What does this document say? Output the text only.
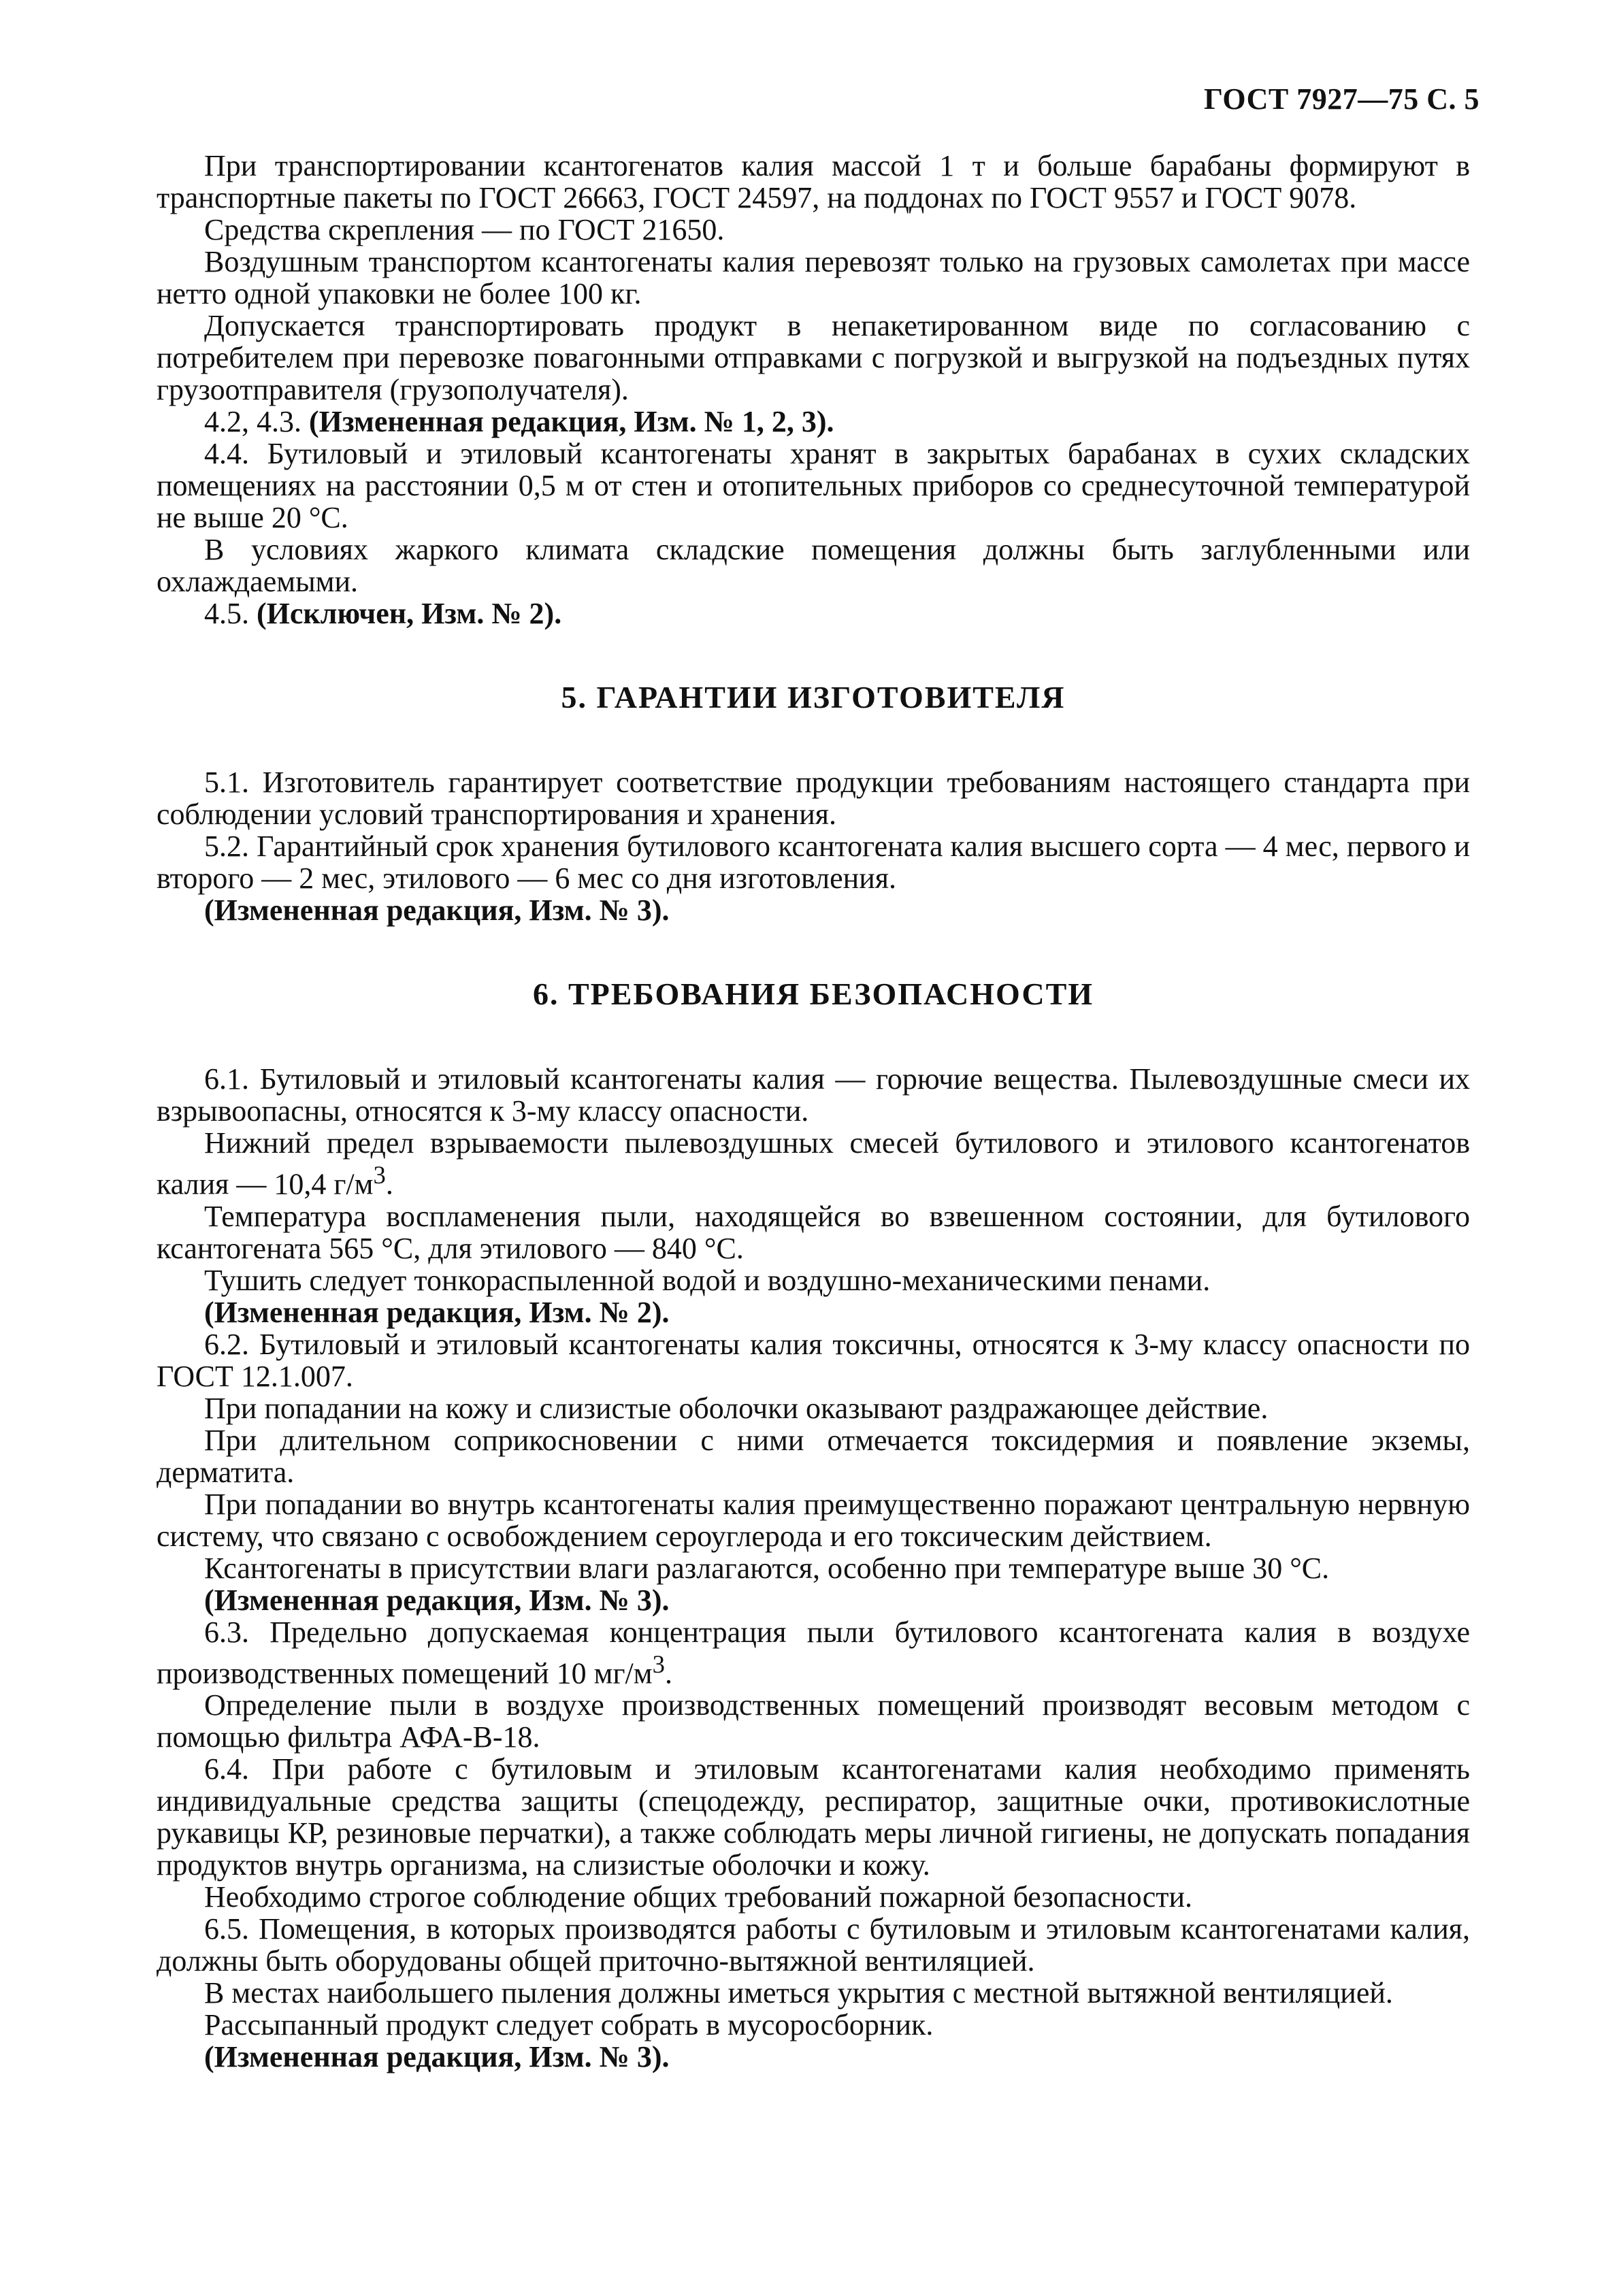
ГОСТ 7927—75 С. 5

При транспортировании ксантогенатов калия массой 1 т и больше барабаны формируют в транспортные пакеты по ГОСТ 26663, ГОСТ 24597, на поддонах по ГОСТ 9557 и ГОСТ 9078.

Средства скрепления — по ГОСТ 21650.

Воздушным транспортом ксантогенаты калия перевозят только на грузовых самолетах при массе нетто одной упаковки не более 100 кг.

Допускается транспортировать продукт в непакетированном виде по согласованию с потребителем при перевозке повагонными отправками с погрузкой и выгрузкой на подъездных путях грузоотправителя (грузополучателя).

4.2, 4.3. (Измененная редакция, Изм. № 1, 2, 3).

4.4. Бутиловый и этиловый ксантогенаты хранят в закрытых барабанах в сухих складских помещениях на расстоянии 0,5 м от стен и отопительных приборов со среднесуточной температурой не выше 20 °С.

В условиях жаркого климата складские помещения должны быть заглубленными или охлаждаемыми.

4.5. (Исключен, Изм. № 2).

5. ГАРАНТИИ ИЗГОТОВИТЕЛЯ

5.1. Изготовитель гарантирует соответствие продукции требованиям настоящего стандарта при соблюдении условий транспортирования и хранения.

5.2. Гарантийный срок хранения бутилового ксантогената калия высшего сорта — 4 мес, первого и второго — 2 мес, этилового — 6 мес со дня изготовления.

(Измененная редакция, Изм. № 3).

6. ТРЕБОВАНИЯ БЕЗОПАСНОСТИ

6.1. Бутиловый и этиловый ксантогенаты калия — горючие вещества. Пылевоздушные смеси их взрывоопасны, относятся к 3-му классу опасности.

Нижний предел взрываемости пылевоздушных смесей бутилового и этилового ксантогенатов калия — 10,4 $г/м^3$.

Температура воспламенения пыли, находящейся во взвешенном состоянии, для бутилового ксантогената 565 °С, для этилового — 840 °С.

Тушить следует тонкораспыленной водой и воздушно-механическими пенами.

(Измененная редакция, Изм. № 2).

6.2. Бутиловый и этиловый ксантогенаты калия токсичны, относятся к 3-му классу опасности по ГОСТ 12.1.007.

При попадании на кожу и слизистые оболочки оказывают раздражающее действие.

При длительном соприкосновении с ними отмечается токсидермия и появление экземы, дерматита.

При попадании во внутрь ксантогенаты калия преимущественно поражают центральную нервную систему, что связано с освобождением сероуглерода и его токсическим действием.

Ксантогенаты в присутствии влаги разлагаются, особенно при температуре выше 30 °С.

(Измененная редакция, Изм. № 3).

6.3. Предельно допускаемая концентрация пыли бутилового ксантогената калия в воздухе производственных помещений 10 $мг/м^3$.

Определение пыли в воздухе производственных помещений производят весовым методом с помощью фильтра АФА-В-18.

6.4. При работе с бутиловым и этиловым ксантогенатами калия необходимо применять индивидуальные средства защиты (спецодежду, респиратор, защитные очки, противокислотные рукавицы КР, резиновые перчатки), а также соблюдать меры личной гигиены, не допускать попадания продуктов внутрь организма, на слизистые оболочки и кожу.

Необходимо строгое соблюдение общих требований пожарной безопасности.

6.5. Помещения, в которых производятся работы с бутиловым и этиловым ксантогенатами калия, должны быть оборудованы общей приточно-вытяжной вентиляцией.

В местах наибольшего пыления должны иметься укрытия с местной вытяжной вентиляцией.

Рассыпанный продукт следует собрать в мусоросборник.

(Измененная редакция, Изм. № 3).
